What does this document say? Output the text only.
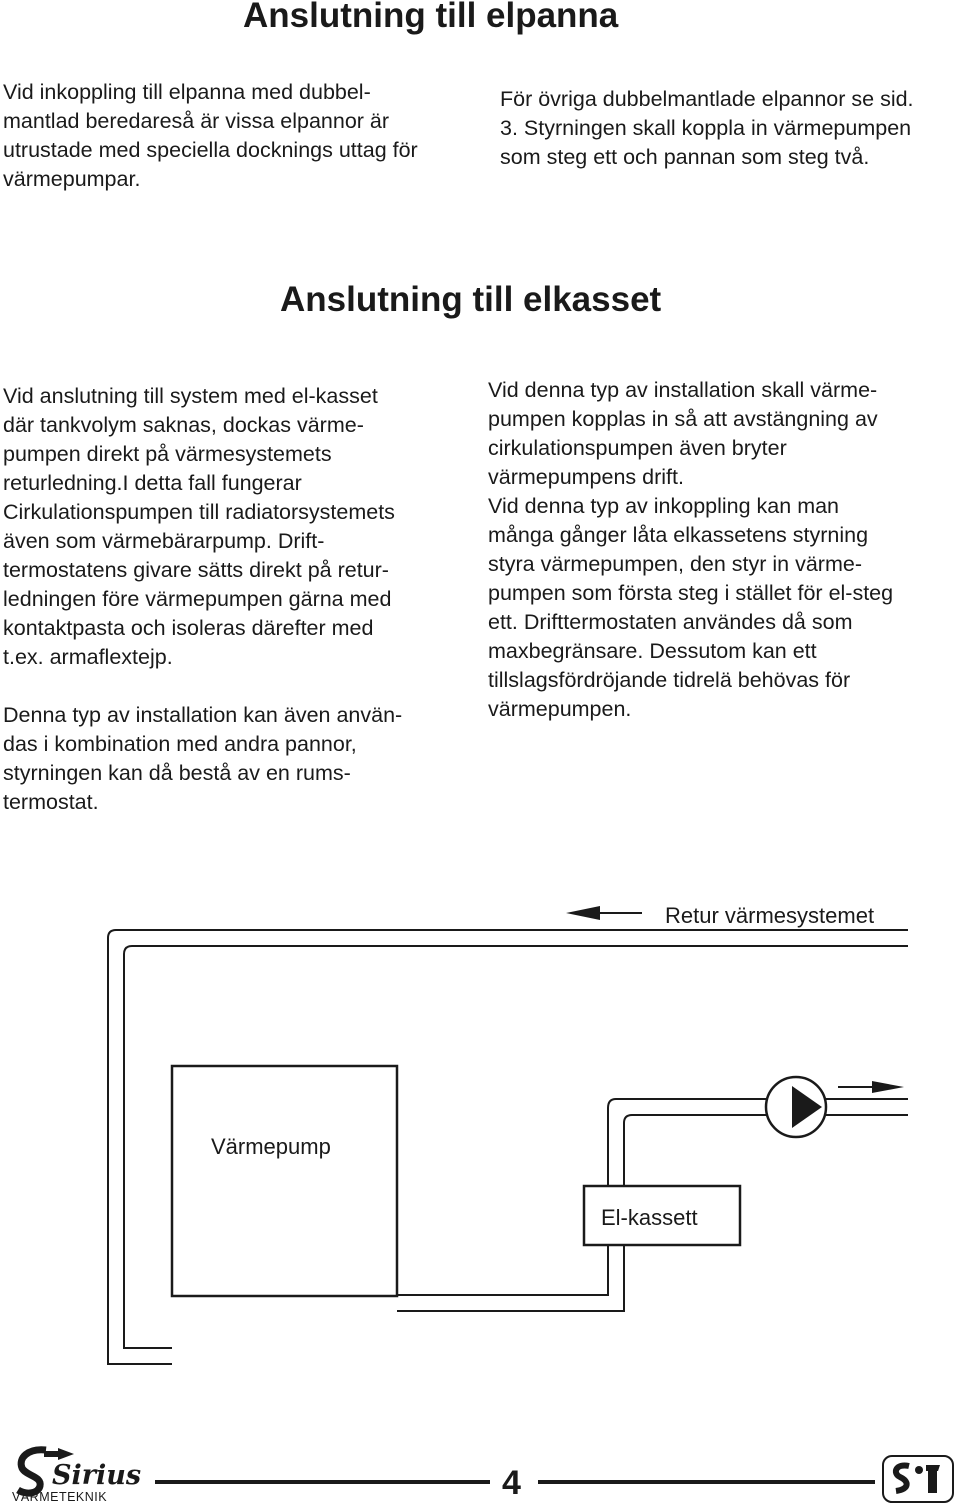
Anslutning till elpanna
Vid inkoppling till elpanna med dubbel-
mantlad beredareså är vissa elpannor är
utrustade med speciella docknings uttag för
värmepumpar.
För övriga dubbelmantlade elpannor se sid.
3. Styrningen skall koppla in värmepumpen
som steg ett och pannan som steg två.
Anslutning till elkasset
Vid anslutning till system med el-kasset
där tankvolym saknas, dockas värme-
pumpen direkt på värmesystemets
returledning.I detta fall fungerar
Cirkulationspumpen till radiatorsystemets
även som värmebärarpump. Drift-
termostatens givare sätts direkt på retur-
ledningen före värmepumpen gärna med
kontaktpasta och isoleras därefter med
t.ex. armaflextejp.
Denna typ av installation kan även använ-
das i kombination med andra pannor,
styrningen kan då bestå av en rums-
termostat.
Vid denna typ av installation skall värme-
pumpen kopplas in så att avstängning av
cirkulationspumpen även bryter
värmepumpens drift.
Vid denna typ av inkoppling kan man
många gånger låta elkassetens styrning
styra värmepumpen, den styr in värme-
pumpen som första steg i stället för el-steg
ett. Drifttermostaten användes då som
maxbegränsare. Dessutom kan ett
tillslagsfördröjande tidrelä behövas för
värmepumpen.
Retur värmesystemet
Värmepump
El-kassett
Sirius
VÄRMETEKNIK	4
